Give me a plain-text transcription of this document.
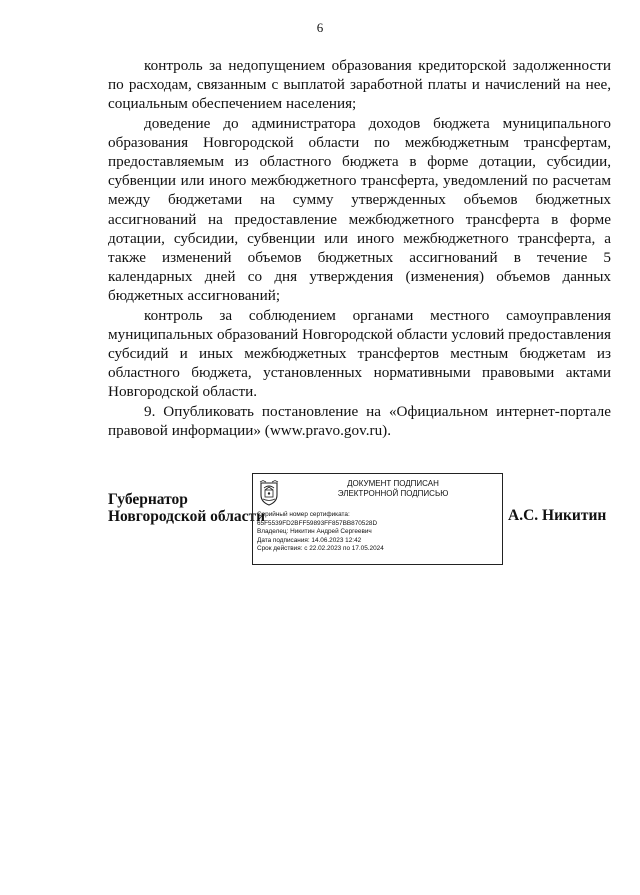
6

контроль за недопущением образования кредиторской задолженности по расходам, связанным с выплатой заработной платы и начислений на нее, социальным обеспечением населения;

доведение до администратора доходов бюджета муниципального образования Новгородской области по межбюджетным трансфертам, предоставляемым из областного бюджета в форме дотации, субсидии, субвенции или иного межбюджетного трансферта, уведомлений по расчетам между бюджетами на сумму утвержденных объемов бюджетных ассигнований на предоставление межбюджетного трансферта в форме дотации, субсидии, субвенции или иного межбюджетного трансферта, а также изменений объемов бюджетных ассигнований в течение 5 календарных дней со дня утверждения (изменения) объемов данных бюджетных ассигнований;

контроль за соблюдением органами местного самоуправления муниципальных образований Новгородской области условий предоставления субсидий и иных межбюджетных трансфертов местным бюджетам из областного бюджета, установленных нормативными правовыми актами Новгородской области.

9. Опубликовать постановление на «Официальном интернет-портале правовой информации» (www.pravo.gov.ru).

Губернатор
Новгородской области
ДОКУМЕНТ ПОДПИСАН
ЭЛЕКТРОННОЙ ПОДПИСЬЮ
Серийный номер сертификата:
65F5539FD2BFF59893FF857BB870528D
Владелец: Никитин Андрей Сергеевич
Дата подписания: 14.06.2023 12:42
Срок действия: с 22.02.2023 по 17.05.2024
А.С. Никитин
